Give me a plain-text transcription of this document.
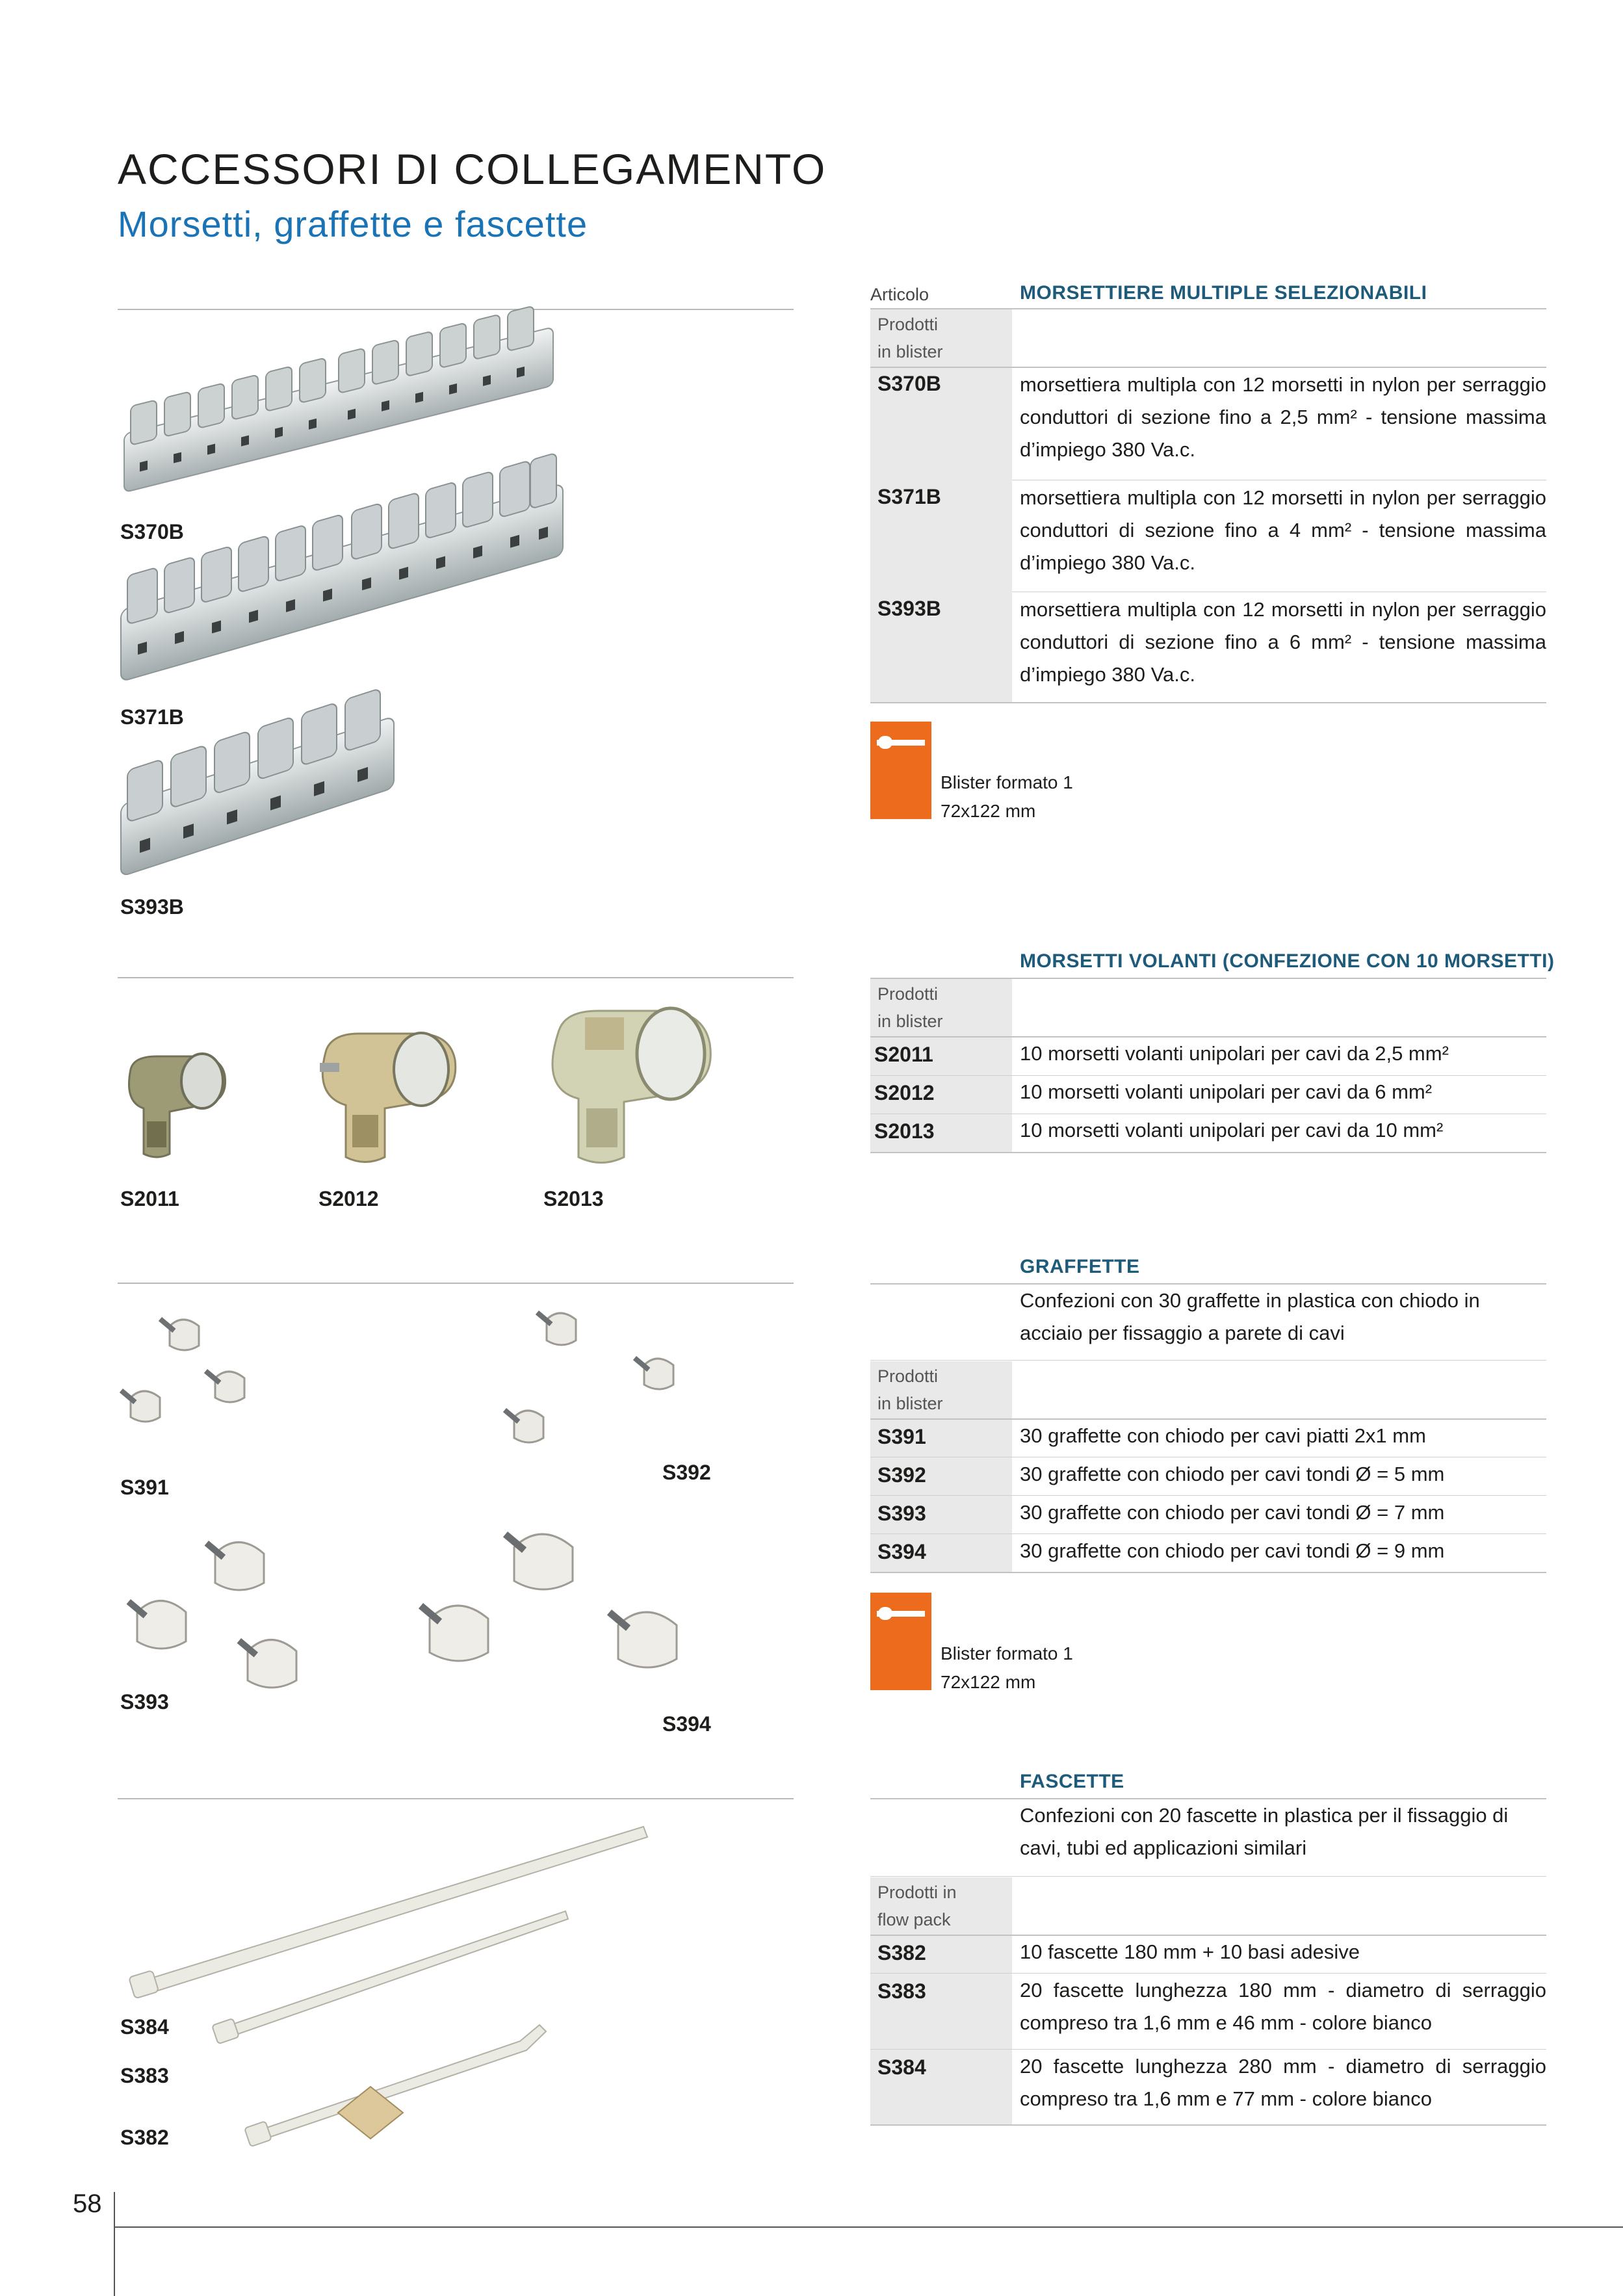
ACCESSORI DI COLLEGAMENTO
Morsetti, graffette e fascette
S370B
S371B
S393B
Articolo	MORSETTIERE MULTIPLE SELEZIONABILI
Prodotti
in blister
S370B	morsettiera multipla con 12 morsetti in nylon per serraggio conduttori di sezione fino a 2,5 mm² - tensione massima d’impiego 380 Va.c.
S371B	morsettiera multipla con 12 morsetti in nylon per serraggio conduttori di sezione fino a 4 mm² - tensione massima d’impiego 380 Va.c.
S393B	morsettiera multipla con 12 morsetti in nylon per serraggio conduttori di sezione fino a 6 mm² - tensione massima d’impiego 380 Va.c.
Blister formato 1
72x122 mm
S2011	S2012	S2013
MORSETTI VOLANTI (CONFEZIONE CON 10 MORSETTI)
Prodotti
in blister
S2011	10 morsetti volanti unipolari per cavi da 2,5 mm²
S2012	10 morsetti volanti unipolari per cavi da 6 mm²
S2013	10 morsetti volanti unipolari per cavi da 10 mm²
S391
S392
S393
S394
GRAFFETTE
Confezioni con 30 graffette in plastica con chiodo in acciaio per fissaggio a parete di cavi
Prodotti
in blister
S391	30 graffette con chiodo per cavi piatti 2x1 mm
S392	30 graffette con chiodo per cavi tondi Ø = 5 mm
S393	30 graffette con chiodo per cavi tondi Ø = 7 mm
S394	30 graffette con chiodo per cavi tondi Ø = 9 mm
Blister formato 1
72x122 mm
S384
S383
S382
FASCETTE
Confezioni con 20 fascette in plastica per il fissaggio di cavi, tubi ed applicazioni similari
Prodotti in
flow pack
S382	10 fascette 180 mm + 10 basi adesive
S383	20 fascette lunghezza 180 mm - diametro di serraggio compreso tra 1,6 mm e 46 mm - colore bianco
S384	20 fascette lunghezza 280 mm - diametro di serraggio compreso tra 1,6 mm e 77 mm - colore bianco
58
